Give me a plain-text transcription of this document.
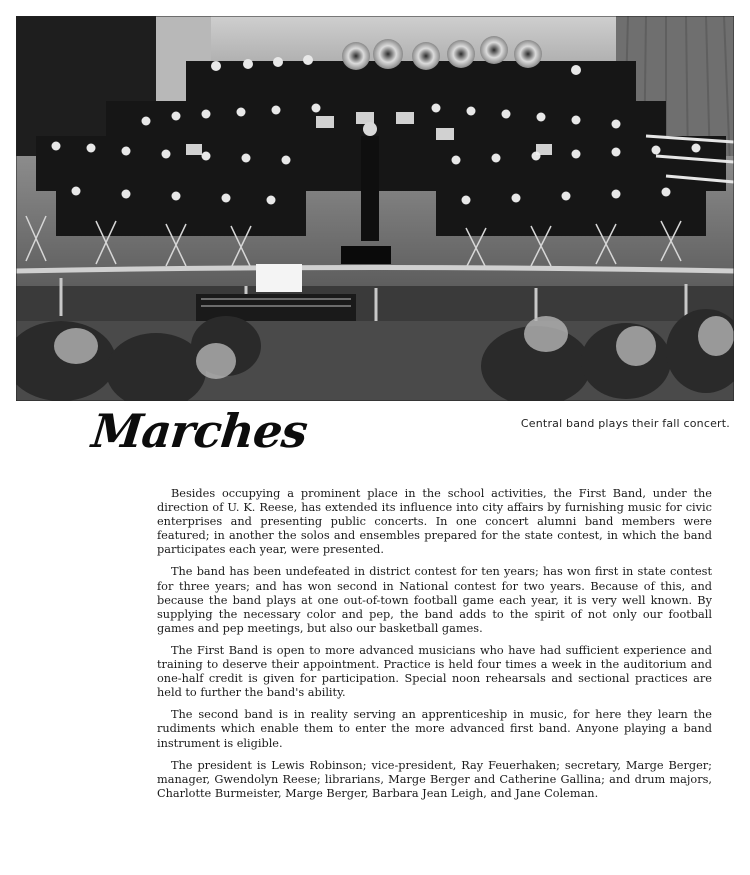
Central band plays their fall concert.
Marches

Besides occupying a prominent place in the school activities, the First Band, under the direction of U. K. Reese, has extended its influence into city affairs by furnishing music for civic enterprises and presenting public concerts. In one concert alumni band members were featured; in another the solos and ensembles prepared for the state contest, in which the band participates each year, were presented.

The band has been undefeated in district contest for ten years; has won first in state contest for three years; and has won second in National contest for two years. Because of this, and because the band plays at one out-of-town football game each year, it is very well known. By supplying the necessary color and pep, the band adds to the spirit of not only our football games and pep meetings, but also our basketball games.

The First Band is open to more advanced musicians who have had sufficient experience and training to deserve their appointment. Practice is held four times a week in the auditorium and one-half credit is given for participation. Special noon rehearsals and sectional practices are held to further the band's ability.

The second band is in reality serving an apprenticeship in music, for here they learn the rudiments which enable them to enter the more advanced first band. Anyone playing a band instrument is eligible.

The president is Lewis Robinson; vice-president, Ray Feuerhaken; secretary, Marge Berger; manager, Gwendolyn Reese; librarians, Marge Berger and Catherine Gallina; and drum majors, Charlotte Burmeister, Marge Berger, Barbara Jean Leigh, and Jane Coleman.
